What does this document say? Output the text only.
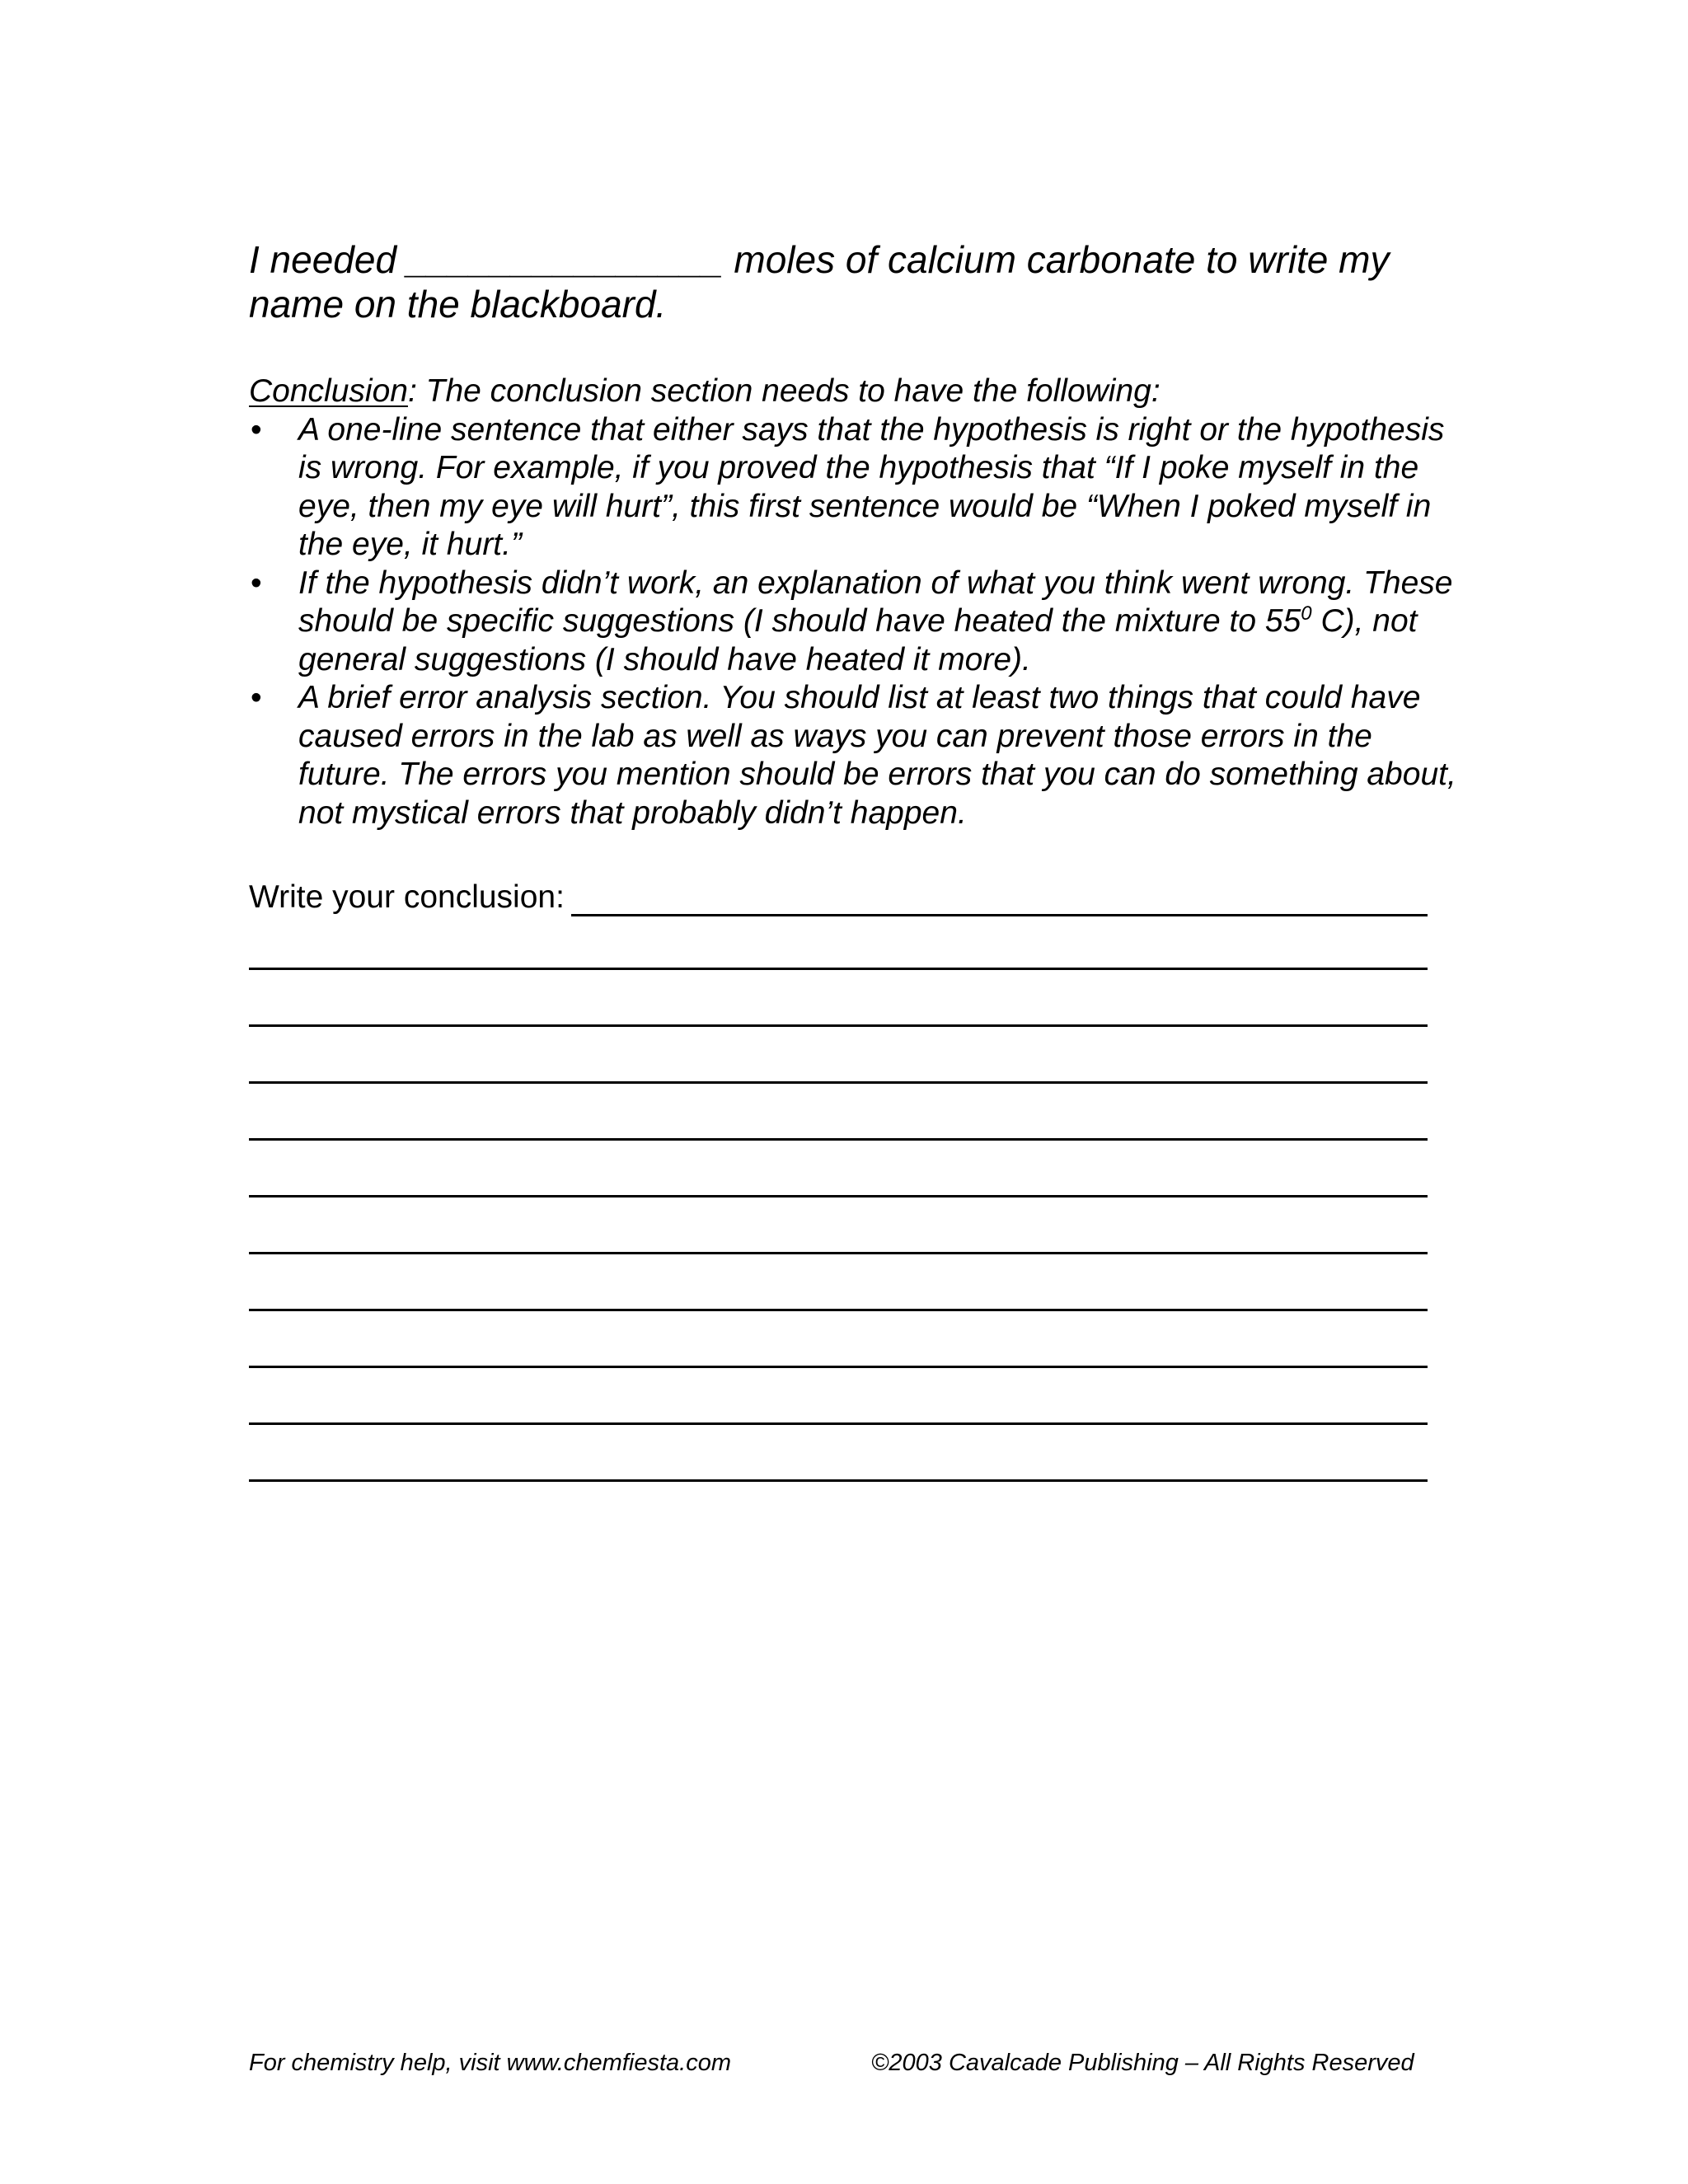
I needed _______________ moles of calcium carbonate to write my name on the blackboard.

Conclusion: The conclusion section needs to have the following:

• A one-line sentence that either says that the hypothesis is right or the hypothesis is wrong. For example, if you proved the hypothesis that “If I poke myself in the eye, then my eye will hurt”, this first sentence would be “When I poked myself in the eye, it hurt.”
• If the hypothesis didn’t work, an explanation of what you think went wrong. These should be specific suggestions (I should have heated the mixture to $55^0$ C), not general suggestions (I should have heated it more).
• A brief error analysis section. You should list at least two things that could have caused errors in the lab as well as ways you can prevent those errors in the future. The errors you mention should be errors that you can do something about, not mystical errors that probably didn’t happen.
Write your conclusion:
For chemistry help, visit www.chemfiesta.com	©2003 Cavalcade Publishing – All Rights Reserved
